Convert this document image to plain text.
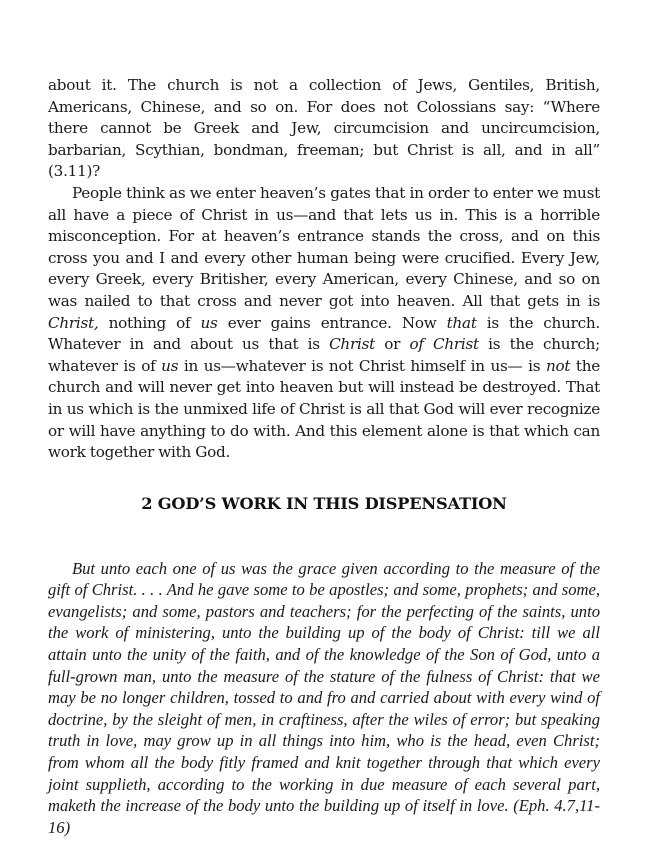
about it. The church is not a collection of Jews, Gentiles, British, Americans, Chinese, and so on. For does not Colossians say: “Where there cannot be Greek and Jew, circumcision and uncircumcision, barbarian, Scythian, bondman, freeman; but Christ is all, and in all” (3.11)?

People think as we enter heaven’s gates that in order to enter we must all have a piece of Christ in us—and that lets us in. This is a horrible misconception. For at heaven’s entrance stands the cross, and on this cross you and I and every other human being were crucified. Every Jew, every Greek, every Britisher, every American, every Chinese, and so on was nailed to that cross and never got into heaven. All that gets in is Christ, nothing of us ever gains entrance. Now that is the church. Whatever in and about us that is Christ or of Christ is the church; whatever is of us in us—whatever is not Christ himself in us— is not the church and will never get into heaven but will instead be destroyed. That in us which is the unmixed life of Christ is all that God will ever recognize or will have anything to do with. And this element alone is that which can work together with God.

2 GOD’S WORK IN THIS DISPENSATION

But unto each one of us was the grace given according to the measure of the gift of Christ. . . . And he gave some to be apostles; and some, prophets; and some, evangelists; and some, pastors and teachers; for the perfecting of the saints, unto the work of ministering, unto the building up of the body of Christ: till we all attain unto the unity of the faith, and of the knowledge of the Son of God, unto a full-grown man, unto the measure of the stature of the fulness of Christ: that we may be no longer children, tossed to and fro and carried about with every wind of doctrine, by the sleight of men, in craftiness, after the wiles of error; but speaking truth in love, may grow up in all things into him, who is the head, even Christ; from whom all the body fitly framed and knit together through that which every joint supplieth, according to the working in due measure of each several part, maketh the increase of the body unto the building up of itself in love. (Eph. 4.7,11-16)
